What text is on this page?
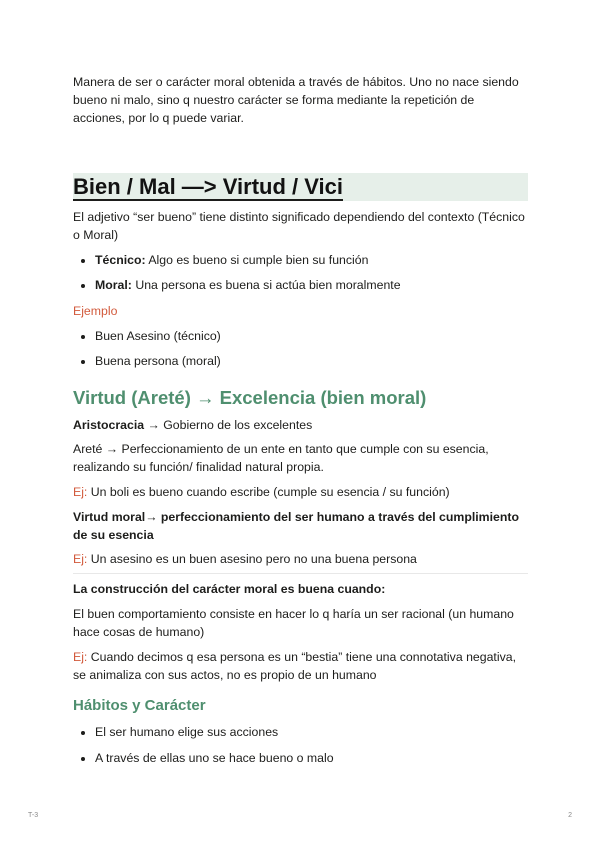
Manera de ser o carácter moral obtenida a través de hábitos. Uno no nace siendo bueno ni malo, sino q nuestro carácter se forma mediante la repetición de acciones, por lo q puede variar.

Bien / Mal —> Virtud / Vici

El adjetivo “ser bueno” tiene distinto significado dependiendo del contexto (Técnico o Moral)

• Técnico: Algo es bueno si cumple bien su función
• Moral: Una persona es buena si actúa bien moralmente

Ejemplo

• Buen Asesino (técnico)
• Buena persona (moral)
Virtud (Areté) → Excelencia (bien moral)

Aristocracia → Gobierno de los excelentes

Areté → Perfeccionamiento de un ente en tanto que cumple con su esencia, realizando su función/ finalidad natural propia.

Ej: Un boli es bueno cuando escribe (cumple su esencia / su función)

Virtud moral→ perfeccionamiento del ser humano a través del cumplimiento de su esencia

Ej: Un asesino es un buen asesino pero no una buena persona

La construcción del carácter moral es buena cuando:

El buen comportamiento consiste en hacer lo q haría un ser racional (un humano hace cosas de humano)

Ej: Cuando decimos q esa persona es un “bestia” tiene una connotativa negativa, se animaliza con sus actos, no es propio de un humano

Hábitos y Carácter
• El ser humano elige sus acciones
• A través de ellas uno se hace bueno o malo
T-3	2
